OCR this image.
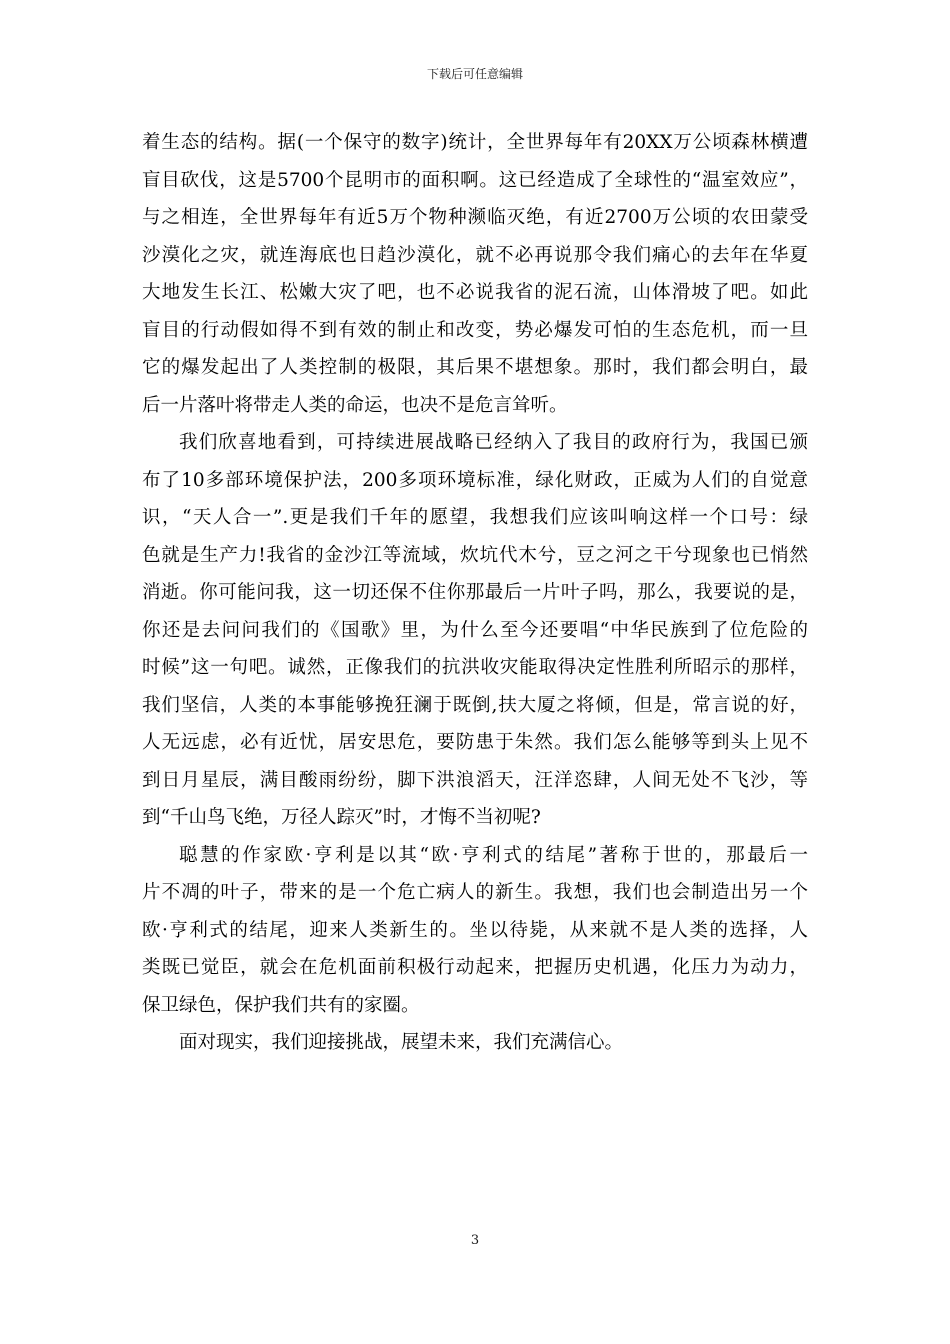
下载后可任意编辑
着生态的结构。据(一个保守的数字)统计，全世界每年有20XX万公顷森林横遭
盲目砍伐，这是5700个昆明市的面积啊。这已经造成了全球性的“温室效应”，
与之相连，全世界每年有近5万个物种濒临灭绝，有近2700万公顷的农田蒙受
沙漠化之灾，就连海底也日趋沙漠化，就不必再说那令我们痛心的去年在华夏
大地发生长江、松嫩大灾了吧，也不必说我省的泥石流，山体滑坡了吧。如此
盲目的行动假如得不到有效的制止和改变，势必爆发可怕的生态危机，而一旦
它的爆发起出了人类控制的极限，其后果不堪想象。那时，我们都会明白，最
后一片落叶将带走人类的命运，也决不是危言耸听。
我们欣喜地看到，可持续进展战略已经纳入了我目的政府行为，我国已颁
布了10多部环境保护法，200多项环境标准，绿化财政，正威为人们的自觉意
识，“天人合一”.更是我们千年的愿望，我想我们应该叫响这样一个口号：绿
色就是生产力!我省的金沙江等流域，炊坑代木兮，豆之河之干兮现象也已悄然
消逝。你可能问我，这一切还保不住你那最后一片叶子吗，那么，我要说的是，
你还是去问问我们的《国歌》里，为什么至今还要唱“中华民族到了位危险的
时候”这一句吧。诚然，正像我们的抗洪收灾能取得决定性胜利所昭示的那样，
我们坚信，人类的本事能够挽狂澜于既倒,扶大厦之将倾，但是，常言说的好，
人无远虑，必有近忧，居安思危，要防患于朱然。我们怎么能够等到头上见不
到日月星辰，满目酸雨纷纷，脚下洪浪滔天，汪洋恣肆，人间无处不飞沙，等
到“千山鸟飞绝，万径人踪灭”时，才悔不当初呢?
聪慧的作家欧·亨利是以其“欧·亨利式的结尾”著称于世的，那最后一
片不凋的叶子，带来的是一个危亡病人的新生。我想，我们也会制造出另一个
欧·亨利式的结尾，迎来人类新生的。坐以待毙，从来就不是人类的选择，人
类既已觉臣，就会在危机面前积极行动起来，把握历史机遇，化压力为动力，
保卫绿色，保护我们共有的家圈。
面对现实，我们迎接挑战，展望未来，我们充满信心。
3
